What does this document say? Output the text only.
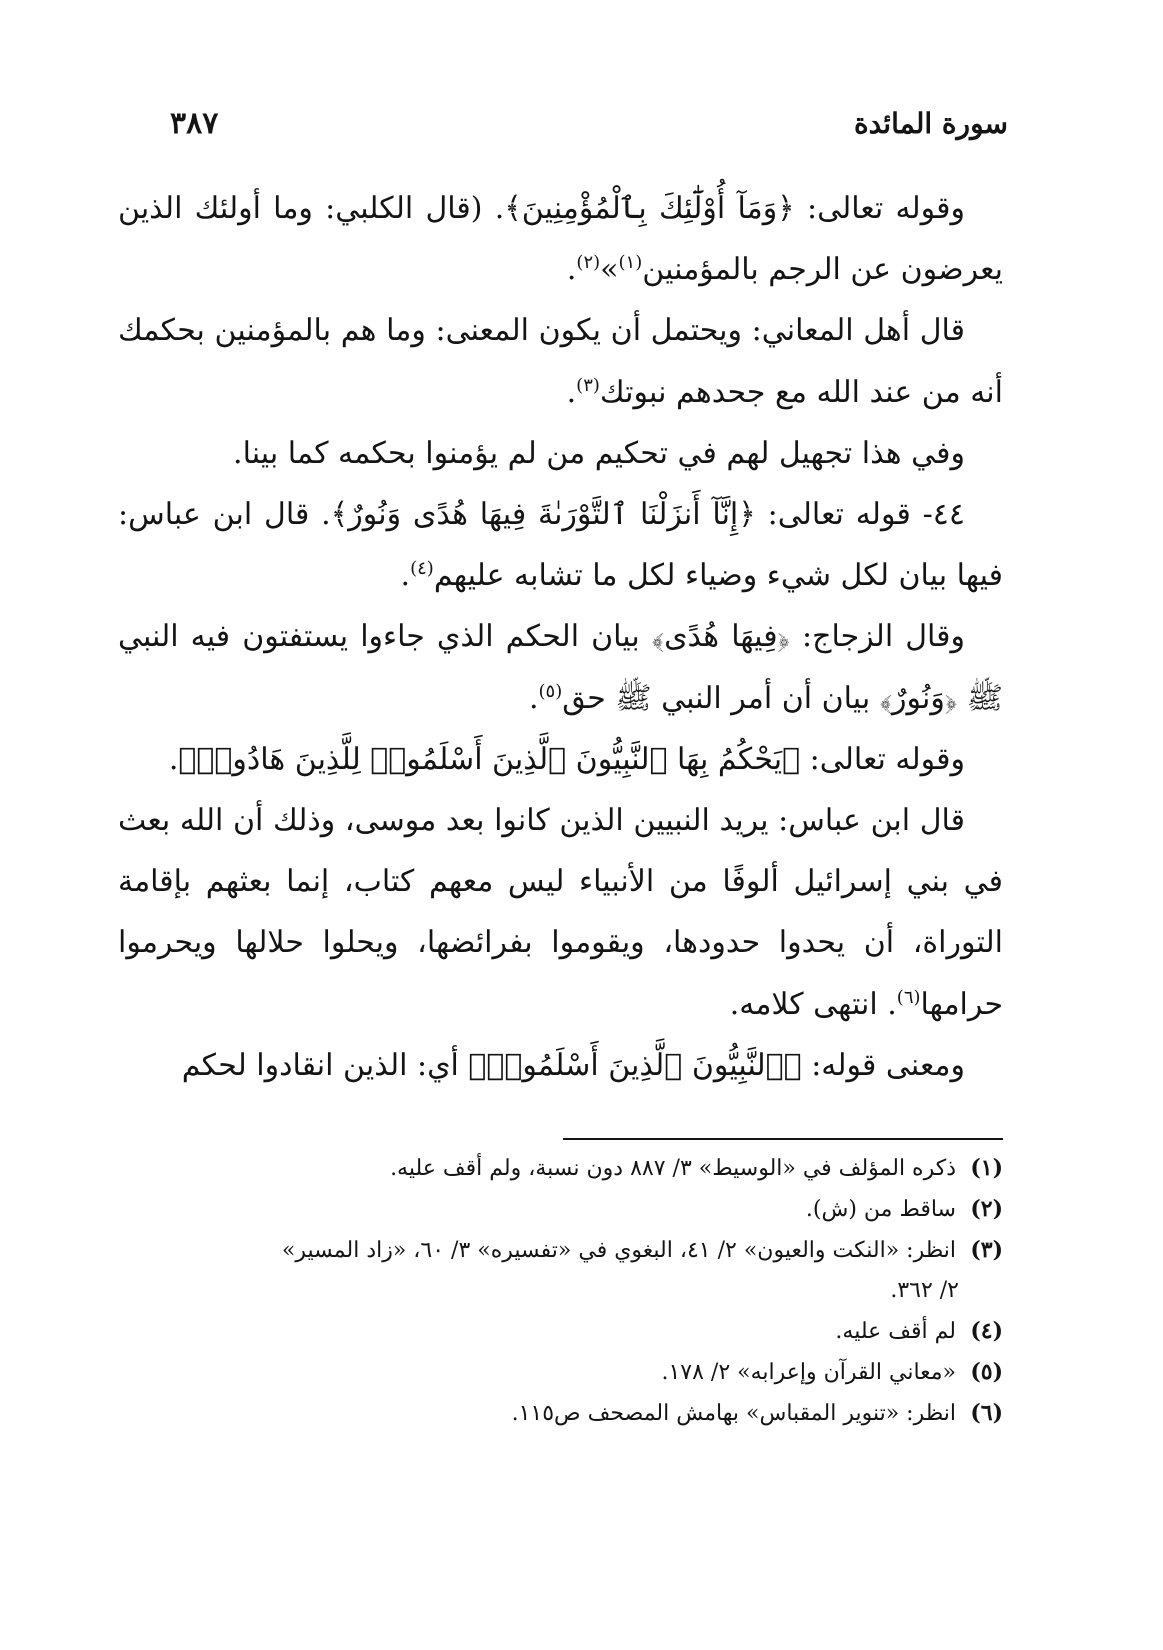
سورة المائدة
٣٨٧

وقوله تعالى: ﴿وَمَآ أُوْلَٰٓئِكَ بِٱلْمُؤْمِنِينَ﴾. (قال الكلبي: وما أولئك الذين يعرضون عن الرجم بالمؤمنين$^{(١)}$»$^{(٢)}$.

قال أهل المعاني: ويحتمل أن يكون المعنى: وما هم بالمؤمنين بحكمك أنه من عند الله مع جحدهم نبوتك$^{(٣)}$.

وفي هذا تجهيل لهم في تحكيم من لم يؤمنوا بحكمه كما بينا.

٤٤- قوله تعالى: ﴿إِنَّآ أَنزَلْنَا ٱلتَّوْرَىٰةَ فِيهَا هُدًى وَنُورٌ﴾. قال ابن عباس: فيها بيان لكل شيء وضياء لكل ما تشابه عليهم$^{(٤)}$.

وقال الزجاج: ﴿فِيهَا هُدًى﴾ بيان الحكم الذي جاءوا يستفتون فيه النبي ﷺ ﴿وَنُورٌ﴾ بيان أن أمر النبي ﷺ حق$^{(٥)}$.

وقوله تعالى: ﴿يَحْكُمُ بِهَا ٱلنَّبِيُّونَ ٱلَّذِينَ أَسْلَمُوا۟ لِلَّذِينَ هَادُوا۟﴾.

قال ابن عباس: يريد النبيين الذين كانوا بعد موسى، وذلك أن الله بعث في بني إسرائيل ألوفًا من الأنبياء ليس معهم كتاب، إنما بعثهم بإقامة التوراة، أن يحدوا حدودها، ويقوموا بفرائضها، ويحلوا حلالها ويحرموا حرامها$^{(٦)}$. انتهى كلامه.

ومعنى قوله: ﴿ٱلنَّبِيُّونَ ٱلَّذِينَ أَسْلَمُوا۟﴾ أي: الذين انقادوا لحكم

(١) ذكره المؤلف في «الوسيط» ٣/ ٨٨٧ دون نسبة، ولم أقف عليه.

(٢) ساقط من (ش).

(٣) انظر: «النكت والعيون» ٢/ ٤١، البغوي في «تفسيره» ٣/ ٦٠، «زاد المسير»

٢/ ٣٦٢.

(٤) لم أقف عليه.

(٥) «معاني القرآن وإعرابه» ٢/ ١٧٨.

(٦) انظر: «تنوير المقباس» بهامش المصحف ص١١٥.
